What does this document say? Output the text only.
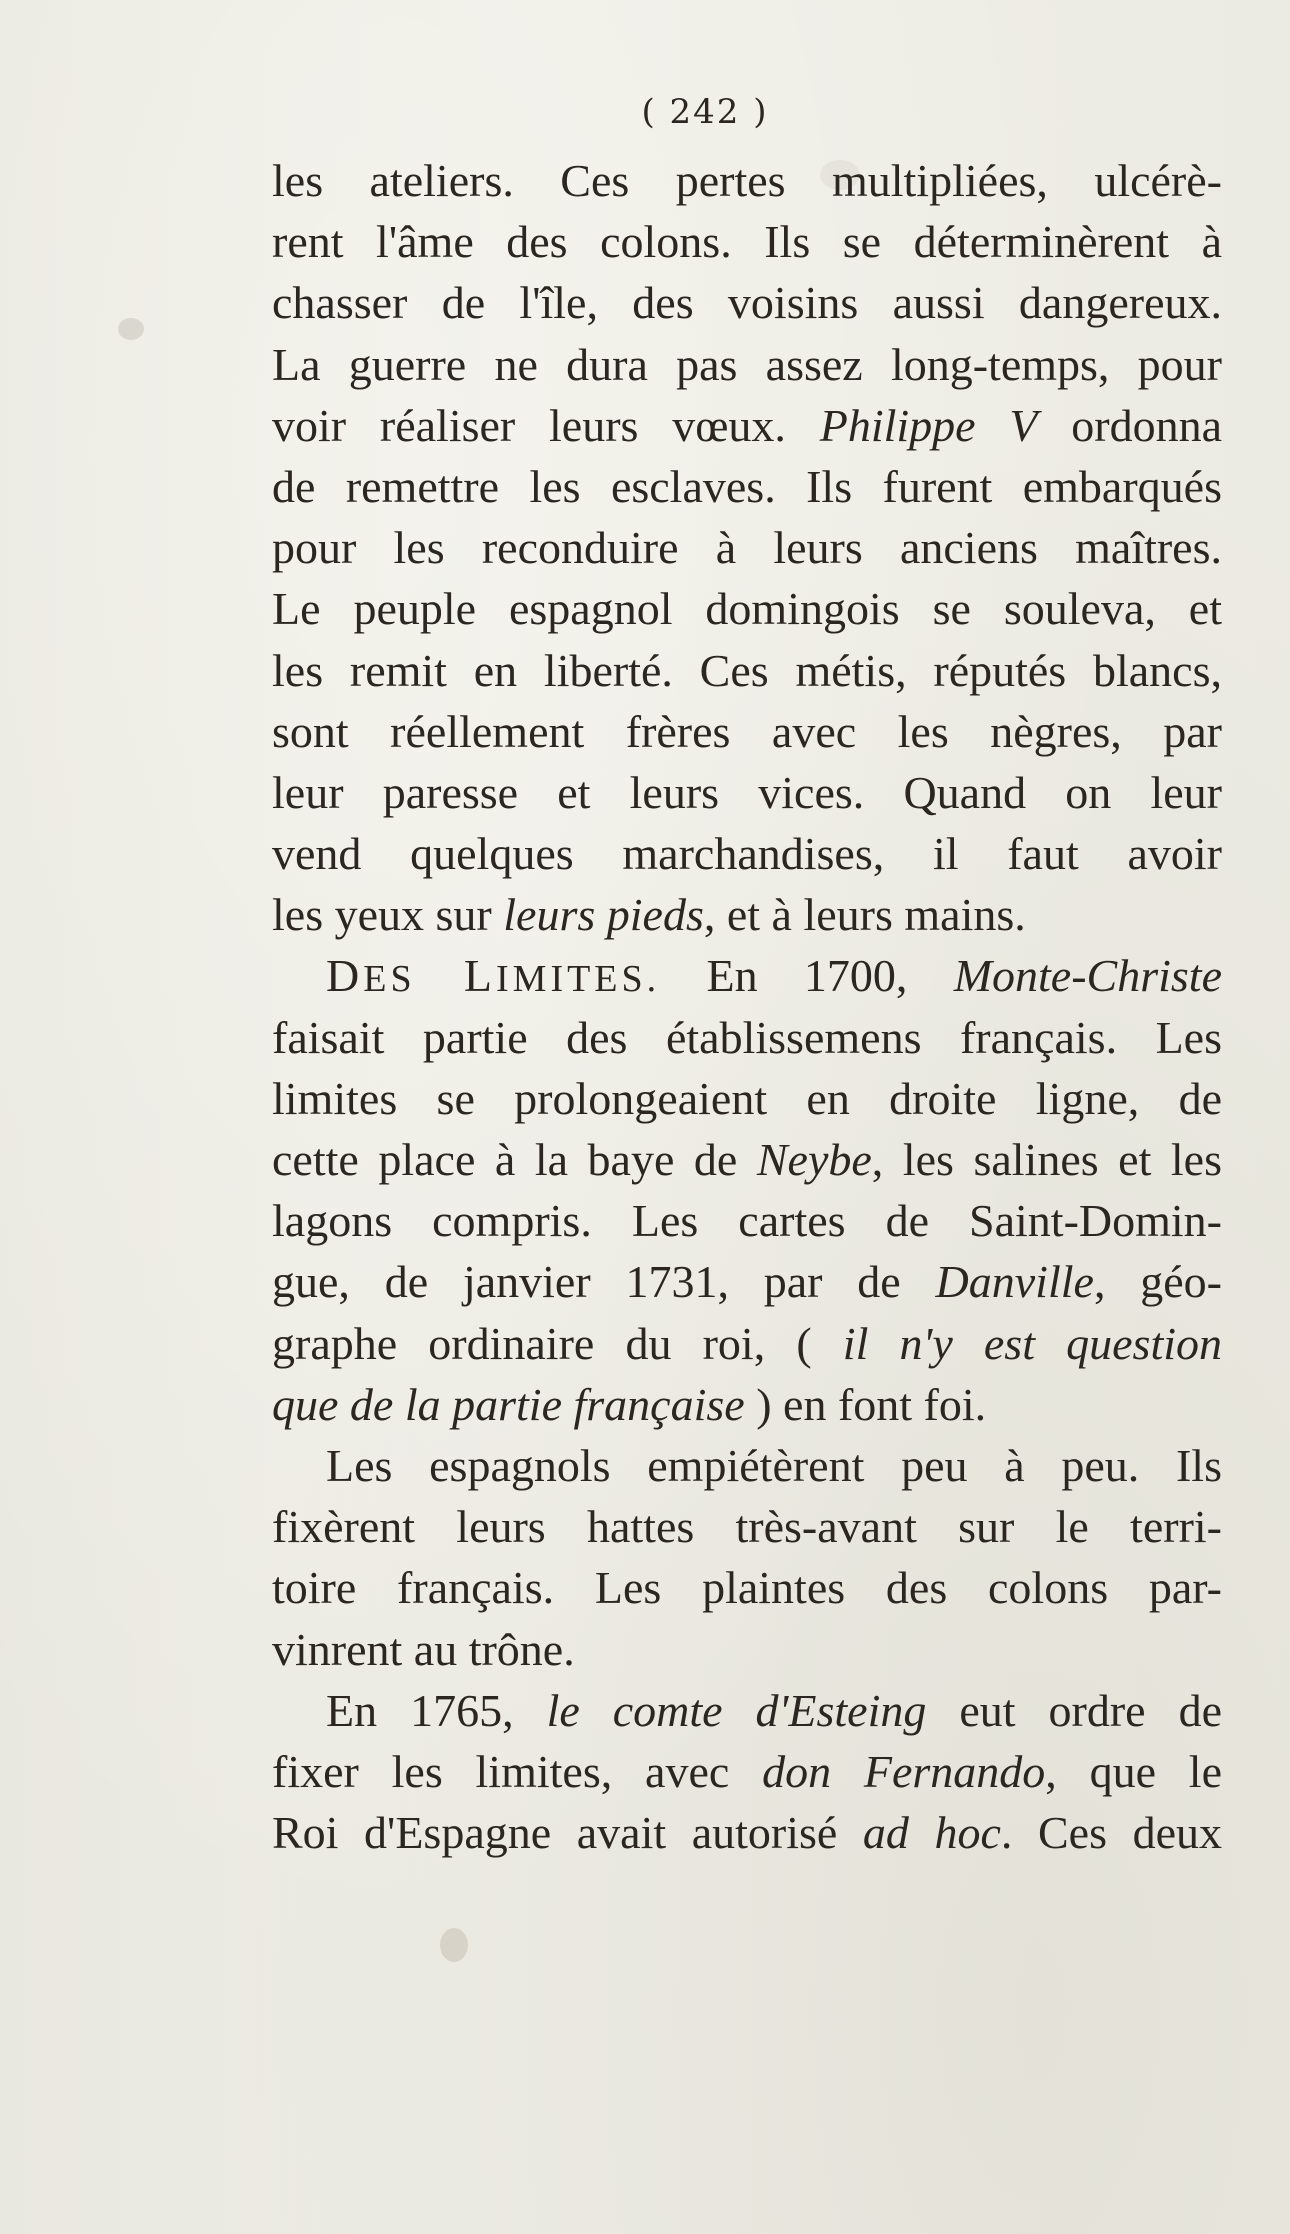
( 242 )
les ateliers. Ces pertes multipliées, ulcérè-
rent l'âme des colons. Ils se déterminèrent à
chasser de l'île, des voisins aussi dangereux.
La guerre ne dura pas assez long-temps, pour
voir réaliser leurs vœux. Philippe V ordonna
de remettre les esclaves. Ils furent embarqués
pour les reconduire à leurs anciens maîtres.
Le peuple espagnol domingois se souleva, et
les remit en liberté. Ces métis, réputés blancs,
sont réellement frères avec les nègres, par
leur paresse et leurs vices. Quand on leur
vend quelques marchandises, il faut avoir
les yeux sur leurs pieds, et à leurs mains.
DES LIMITES. En 1700, Monte-Christe
faisait partie des établissemens français. Les
limites se prolongeaient en droite ligne, de
cette place à la baye de Neybe, les salines et les
lagons compris. Les cartes de Saint-Domin-
gue, de janvier 1731, par de Danville, géo-
graphe ordinaire du roi, ( il n'y est question
que de la partie française ) en font foi.
Les espagnols empiétèrent peu à peu. Ils
fixèrent leurs hattes très-avant sur le terri-
toire français. Les plaintes des colons par-
vinrent au trône.
En 1765, le comte d'Esteing eut ordre de
fixer les limites, avec don Fernando, que le
Roi d'Espagne avait autorisé ad hoc. Ces deux
